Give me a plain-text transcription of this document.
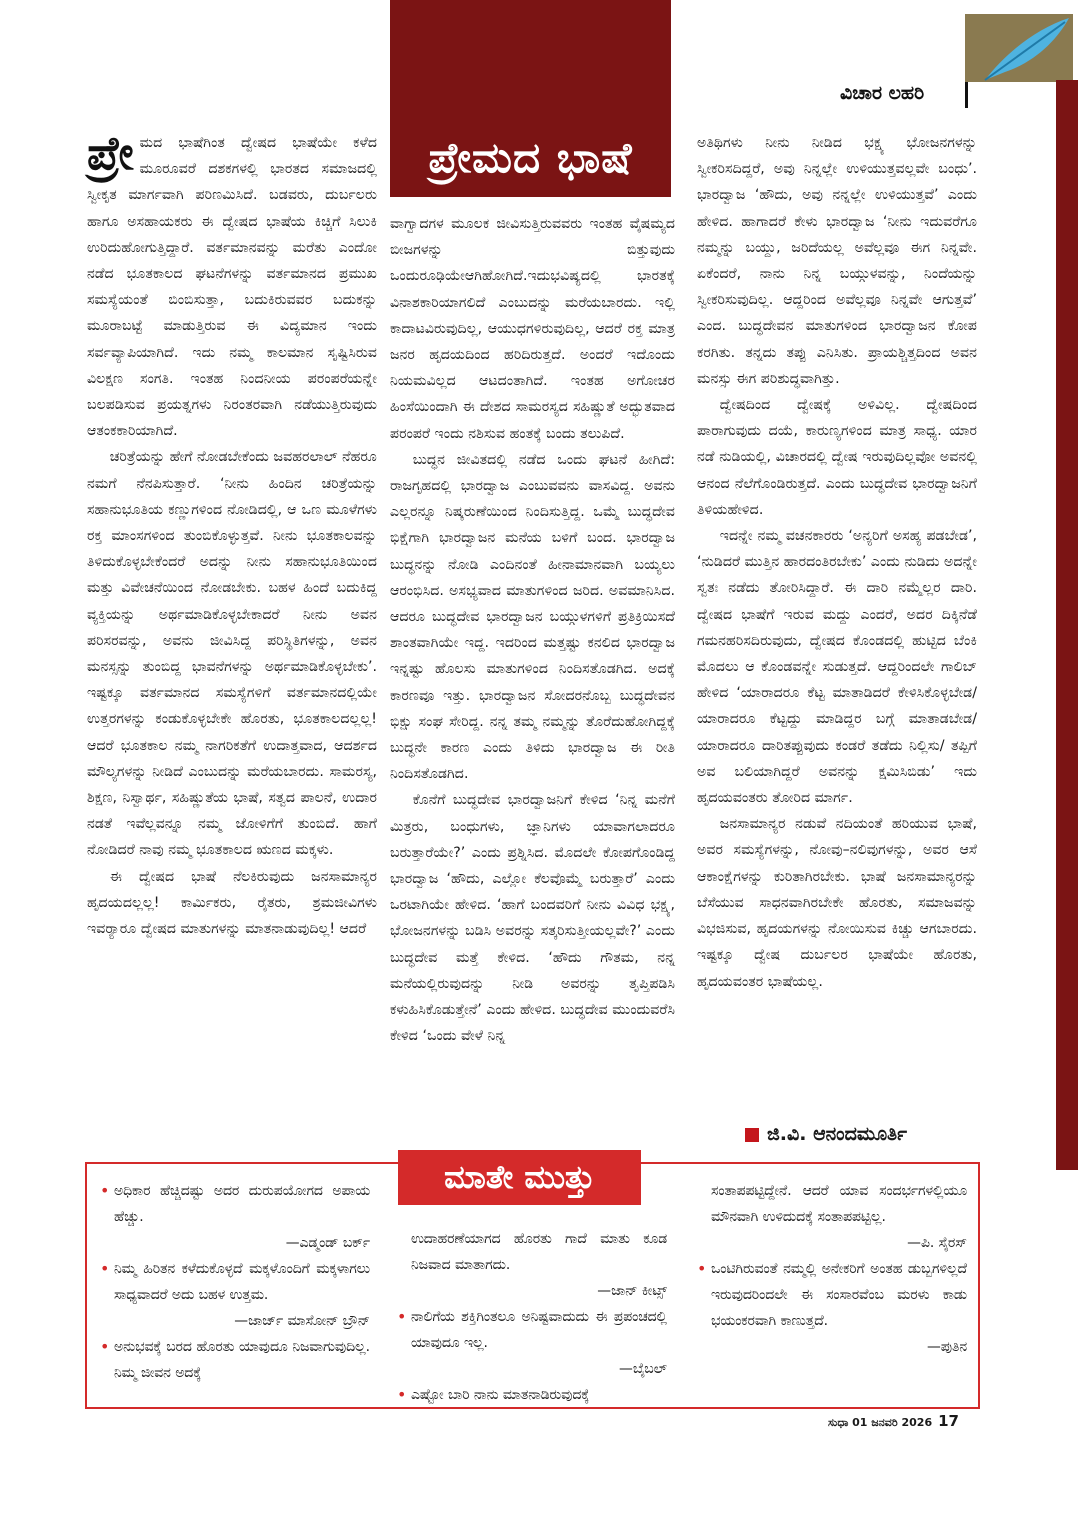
ವಿಚಾರ ಲಹರಿ
ಪ್ರೇಮದ ಭಾಷೆ

ಪ್ರೇ ಮದ ಭಾಷೆಗಿಂತ ದ್ವೇಷದ ಭಾಷೆಯೇ ಕಳೆದ ಮೂರೂವರೆ ದಶಕಗಳಲ್ಲಿ ಭಾರತದ ಸಮಾಜದಲ್ಲಿ ಸ್ವೀಕೃತ ಮಾರ್ಗವಾಗಿ ಪರಿಣಮಿಸಿದೆ. ಬಡವರು, ದುರ್ಬಲರು ಹಾಗೂ ಅಸಹಾಯಕರು ಈ ದ್ವೇಷದ ಭಾಷೆಯ ಕಿಚ್ಚಿಗೆ ಸಿಲುಕಿ ಉರಿದುಹೋಗುತ್ತಿದ್ದಾರೆ. ವರ್ತಮಾನವನ್ನು ಮರೆತು ಎಂದೋ ನಡೆದ ಭೂತಕಾಲದ ಘಟನೆಗಳನ್ನು ವರ್ತಮಾನದ ಪ್ರಮುಖ ಸಮಸ್ಯೆಯಂತೆ ಬಿಂಬಿಸುತ್ತಾ, ಬದುಕಿರುವವರ ಬದುಕನ್ನು ಮೂರಾಬಟ್ಟೆ ಮಾಡುತ್ತಿರುವ ಈ ವಿದ್ಯಮಾನ ಇಂದು ಸರ್ವವ್ಯಾಪಿಯಾಗಿದೆ. ಇದು ನಮ್ಮ ಕಾಲಮಾನ ಸೃಷ್ಟಿಸಿರುವ ವಿಲಕ್ಷಣ ಸಂಗತಿ. ಇಂತಹ ನಿಂದನೀಯ ಪರಂಪರೆಯನ್ನೇ ಬಲಪಡಿಸುವ ಪ್ರಯತ್ನಗಳು ನಿರಂತರವಾಗಿ ನಡೆಯುತ್ತಿರುವುದು ಆತಂಕಕಾರಿಯಾಗಿದೆ.

ಚರಿತ್ರೆಯನ್ನು ಹೇಗೆ ನೋಡಬೇಕೆಂದು ಜವಹರಲಾಲ್ ನೆಹರೂ ನಮಗೆ ನೆನಪಿಸುತ್ತಾರೆ. ‘ನೀನು ಹಿಂದಿನ ಚರಿತ್ರೆಯನ್ನು ಸಹಾನುಭೂತಿಯ ಕಣ್ಣುಗಳಿಂದ ನೋಡಿದಲ್ಲಿ, ಆ ಒಣ ಮೂಳೆಗಳು ರಕ್ತ ಮಾಂಸಗಳಿಂದ ತುಂಬಿಕೊಳ್ಳುತ್ತವೆ. ನೀನು ಭೂತಕಾಲವನ್ನು ತಿಳಿದುಕೊಳ್ಳಬೇಕೆಂದರೆ ಅದನ್ನು ನೀನು ಸಹಾನುಭೂತಿಯಿಂದ ಮತ್ತು ವಿವೇಚನೆಯಿಂದ ನೋಡಬೇಕು. ಬಹಳ ಹಿಂದೆ ಬದುಕಿದ್ದ ವ್ಯಕ್ತಿಯನ್ನು ಅರ್ಥಮಾಡಿಕೊಳ್ಳಬೇಕಾದರೆ ನೀನು ಅವನ ಪರಿಸರವನ್ನು, ಅವನು ಜೀವಿಸಿದ್ದ ಪರಿಸ್ಥಿತಿಗಳನ್ನು, ಅವನ ಮನಸ್ಸನ್ನು ತುಂಬಿದ್ದ ಭಾವನೆಗಳನ್ನು ಅರ್ಥಮಾಡಿಕೊಳ್ಳಬೇಕು’. ಇಷ್ಟಕ್ಕೂ ವರ್ತಮಾನದ ಸಮಸ್ಯೆಗಳಿಗೆ ವರ್ತಮಾನದಲ್ಲಿಯೇ ಉತ್ತರಗಳನ್ನು ಕಂಡುಕೊಳ್ಳಬೇಕೇ ಹೊರತು, ಭೂತಕಾಲದಲ್ಲಲ್ಲ! ಆದರೆ ಭೂತಕಾಲ ನಮ್ಮ ನಾಗರಿಕತೆಗೆ ಉದಾತ್ತವಾದ, ಆದರ್ಶದ ಮೌಲ್ಯಗಳನ್ನು ನೀಡಿದೆ ಎಂಬುದನ್ನು ಮರೆಯಬಾರದು. ಸಾಮರಸ್ಯ, ಶಿಕ್ಷಣ, ನಿಸ್ವಾರ್ಥ, ಸಹಿಷ್ಣುತೆಯ ಭಾಷೆ, ಸತ್ವದ ಪಾಲನೆ, ಉದಾರ ನಡತೆ ಇವೆಲ್ಲವನ್ನೂ ನಮ್ಮ ಜೋಳಿಗೆಗೆ ತುಂಬಿದೆ. ಹಾಗೆ ನೋಡಿದರೆ ನಾವು ನಮ್ಮ ಭೂತಕಾಲದ ಋಣದ ಮಕ್ಕಳು.

ಈ ದ್ವೇಷದ ಭಾಷೆ ನೆಲಕಿರುವುದು ಜನಸಾಮಾನ್ಯರ ಹೃದಯದಲ್ಲಲ್ಲ! ಕಾರ್ಮಿಕರು, ರೈತರು, ಶ್ರಮಜೀವಿಗಳು ಇವರ್‍ಯಾರೂ ದ್ವೇಷದ ಮಾತುಗಳನ್ನು ಮಾತನಾಡುವುದಿಲ್ಲ! ಆದರೆ

ವಾಗ್ವಾದಗಳ ಮೂಲಕ ಜೀವಿಸುತ್ತಿರುವವರು ಇಂತಹ ವೈಷಮ್ಯದ ಬೀಜಗಳನ್ನು ಬಿತ್ತುವುದು ಒಂದುರೂಢಿಯೇಆಗಿಹೋಗಿದೆ.ಇದುಭವಿಷ್ಯದಲ್ಲಿ ಭಾರತಕ್ಕೆ ವಿನಾಶಕಾರಿಯಾಗಲಿದೆ ಎಂಬುದನ್ನು ಮರೆಯಬಾರದು. ಇಲ್ಲಿ ಕಾದಾಟವಿರುವುದಿಲ್ಲ, ಆಯುಧಗಳಿರುವುದಿಲ್ಲ, ಆದರೆ ರಕ್ತ ಮಾತ್ರ ಜನರ ಹೃದಯದಿಂದ ಹರಿದಿರುತ್ತದೆ. ಅಂದರೆ ಇದೊಂದು ನಿಯಮವಿಲ್ಲದ ಆಟದಂತಾಗಿದೆ. ಇಂತಹ ಅಗೋಚರ ಹಿಂಸೆಯಿಂದಾಗಿ ಈ ದೇಶದ ಸಾಮರಸ್ಯದ ಸಹಿಷ್ಣುತೆ ಅದ್ಭುತವಾದ ಪರಂಪರೆ ಇಂದು ನಶಿಸುವ ಹಂತಕ್ಕೆ ಬಂದು ತಲುಪಿದೆ.

ಬುದ್ಧನ ಜೀವಿತದಲ್ಲಿ ನಡೆದ ಒಂದು ಘಟನೆ ಹೀಗಿದೆ: ರಾಜಗೃಹದಲ್ಲಿ ಭಾರದ್ವಾಜ ಎಂಬುವವನು ವಾಸವಿದ್ದ. ಅವನು ಎಲ್ಲರನ್ನೂ ನಿಷ್ಕರುಣೆಯಿಂದ ನಿಂದಿಸುತ್ತಿದ್ದ. ಒಮ್ಮೆ ಬುದ್ಧದೇವ ಭಿಕ್ಷೆಗಾಗಿ ಭಾರದ್ವಾಜನ ಮನೆಯ ಬಳಿಗೆ ಬಂದ. ಭಾರದ್ವಾಜ ಬುದ್ಧನನ್ನು ನೋಡಿ ಎಂದಿನಂತೆ ಹೀನಾಮಾನವಾಗಿ ಬಯ್ಯಲು ಆರಂಭಿಸಿದ. ಅಸಭ್ಯವಾದ ಮಾತುಗಳಿಂದ ಜರಿದ. ಅವಮಾನಿಸಿದ. ಆದರೂ ಬುದ್ಧದೇವ ಭಾರದ್ವಾಜನ ಬಯ್ಗುಳಗಳಿಗೆ ಪ್ರತಿಕ್ರಿಯಿಸದೆ ಶಾಂತವಾಗಿಯೇ ಇದ್ದ. ಇದರಿಂದ ಮತ್ತಷ್ಟು ಕನಲಿದ ಭಾರದ್ವಾಜ ಇನ್ನಷ್ಟು ಹೊಲಸು ಮಾತುಗಳಿಂದ ನಿಂದಿಸತೊಡಗಿದ. ಅದಕ್ಕೆ ಕಾರಣವೂ ಇತ್ತು. ಭಾರದ್ವಾಜನ ಸೋದರನೊಬ್ಬ ಬುದ್ಧದೇವನ ಭಿಕ್ಷು ಸಂಘ ಸೇರಿದ್ದ. ನನ್ನ ತಮ್ಮ ನಮ್ಮನ್ನು ತೊರೆದುಹೋಗಿದ್ದಕ್ಕೆ ಬುದ್ಧನೇ ಕಾರಣ ಎಂದು ತಿಳಿದು ಭಾರದ್ವಾಜ ಈ ರೀತಿ ನಿಂದಿಸತೊಡಗಿದ.

ಕೊನೆಗೆ ಬುದ್ಧದೇವ ಭಾರದ್ವಾಜನಿಗೆ ಕೇಳಿದ ‘ನಿನ್ನ ಮನೆಗೆ ಮಿತ್ರರು, ಬಂಧುಗಳು, ಜ್ಞಾನಿಗಳು ಯಾವಾಗಲಾದರೂ ಬರುತ್ತಾರೆಯೇ?’ ಎಂದು ಪ್ರಶ್ನಿಸಿದ. ಮೊದಲೇ ಕೋಪಗೊಂಡಿದ್ದ ಭಾರದ್ವಾಜ ‘ಹೌದು, ಎಲ್ಲೋ ಕೆಲವೊಮ್ಮೆ ಬರುತ್ತಾರೆ’ ಎಂದು ಒರಟಾಗಿಯೇ ಹೇಳಿದ. ‘ಹಾಗೆ ಬಂದವರಿಗೆ ನೀನು ವಿವಿಧ ಭಕ್ಷ್ಯ, ಭೋಜನಗಳನ್ನು ಬಡಿಸಿ ಅವರನ್ನು ಸತ್ಕರಿಸುತ್ತೀಯಲ್ಲವೇ?’ ಎಂದು ಬುದ್ಧದೇವ ಮತ್ತೆ ಕೇಳಿದ. ‘ಹೌದು ಗೌತಮ, ನನ್ನ ಮನೆಯಲ್ಲಿರುವುದನ್ನು ನೀಡಿ ಅವರನ್ನು ತೃಪ್ತಿಪಡಿಸಿ ಕಳುಹಿಸಿಕೊಡುತ್ತೇನೆ’ ಎಂದು ಹೇಳಿದ. ಬುದ್ಧದೇವ ಮುಂದುವರೆಸಿ ಕೇಳಿದ ‘ಒಂದು ವೇಳೆ ನಿನ್ನ

ಅತಿಥಿಗಳು ನೀನು ನೀಡಿದ ಭಕ್ಷ್ಯ ಭೋಜನಗಳನ್ನು ಸ್ವೀಕರಿಸದಿದ್ದರೆ, ಅವು ನಿನ್ನಲ್ಲೇ ಉಳಿಯುತ್ತವಲ್ಲವೇ ಬಂಧು’. ಭಾರದ್ವಾಜ ‘ಹೌದು, ಅವು ನನ್ನಲ್ಲೇ ಉಳಿಯುತ್ತವೆ’ ಎಂದು ಹೇಳಿದ. ಹಾಗಾದರೆ ಕೇಳು ಭಾರದ್ವಾಜ ‘ನೀನು ಇದುವರೆಗೂ ನಮ್ಮನ್ನು ಬಯ್ದು, ಜರಿದೆಯಲ್ಲ ಅವೆಲ್ಲವೂ ಈಗ ನಿನ್ನವೇ. ಏಕೆಂದರೆ, ನಾನು ನಿನ್ನ ಬಯ್ಗುಳವನ್ನು, ನಿಂದೆಯನ್ನು ಸ್ವೀಕರಿಸುವುದಿಲ್ಲ. ಆದ್ದರಿಂದ ಅವೆಲ್ಲವೂ ನಿನ್ನವೇ ಆಗುತ್ತವೆ’ ಎಂದ. ಬುದ್ಧದೇವನ ಮಾತುಗಳಿಂದ ಭಾರದ್ವಾಜನ ಕೋಪ ಕರಗಿತು. ತನ್ನದು ತಪ್ಪು ಎನಿಸಿತು. ಪ್ರಾಯಶ್ಚಿತ್ತದಿಂದ ಅವನ ಮನಸ್ಸು ಈಗ ಪರಿಶುದ್ಧವಾಗಿತ್ತು.

ದ್ವೇಷದಿಂದ ದ್ವೇಷಕ್ಕೆ ಅಳಿವಿಲ್ಲ. ದ್ವೇಷದಿಂದ ಪಾರಾಗುವುದು ದಯೆ, ಕಾರುಣ್ಯಗಳಿಂದ ಮಾತ್ರ ಸಾಧ್ಯ. ಯಾರ ನಡೆ ನುಡಿಯಲ್ಲಿ, ವಿಚಾರದಲ್ಲಿ ದ್ವೇಷ ಇರುವುದಿಲ್ಲವೋ ಅವನಲ್ಲಿ ಆನಂದ ನೆಲೆಗೊಂಡಿರುತ್ತದೆ. ಎಂದು ಬುದ್ಧದೇವ ಭಾರದ್ವಾಜನಿಗೆ ತಿಳಿಯಹೇಳಿದ.

ಇದನ್ನೇ ನಮ್ಮ ವಚನಕಾರರು ‘ಅನ್ಯರಿಗೆ ಅಸಹ್ಯ ಪಡಬೇಡ’, ‘ನುಡಿದರೆ ಮುತ್ತಿನ ಹಾರದಂತಿರಬೇಕು’ ಎಂದು ನುಡಿದು ಅದನ್ನೇ ಸ್ವತಃ ನಡೆದು ತೋರಿಸಿದ್ದಾರೆ. ಈ ದಾರಿ ನಮ್ಮೆಲ್ಲರ ದಾರಿ. ದ್ವೇಷದ ಭಾಷೆಗೆ ಇರುವ ಮದ್ದು ಎಂದರೆ, ಅದರ ದಿಕ್ಕಿನೆಡೆ ಗಮನಹರಿಸದಿರುವುದು, ದ್ವೇಷದ ಕೊಂಡದಲ್ಲಿ ಹುಟ್ಟಿದ ಬೆಂಕಿ ಮೊದಲು ಆ ಕೊಂಡವನ್ನೇ ಸುಡುತ್ತದೆ. ಆದ್ದರಿಂದಲೇ ಗಾಲಿಬ್ ಹೇಳಿದ ‘ಯಾರಾದರೂ ಕೆಟ್ಟ ಮಾತಾಡಿದರೆ ಕೇಳಿಸಿಕೊಳ್ಳಬೇಡ/ ಯಾರಾದರೂ ಕೆಟ್ಟದ್ದು ಮಾಡಿದ್ದರ ಬಗ್ಗೆ ಮಾತಾಡಬೇಡ/ ಯಾರಾದರೂ ದಾರಿತಪ್ಪುವುದು ಕಂಡರೆ ತಡೆದು ನಿಲ್ಲಿಸು/ ತಪ್ಪಿಗೆ ಅವ ಬಲಿಯಾಗಿದ್ದರೆ ಅವನನ್ನು ಕ್ಷಮಿಸಿಬಿಡು’ ಇದು ಹೃದಯವಂತರು ತೋರಿದ ಮಾರ್ಗ.

ಜನಸಾಮಾನ್ಯರ ನಡುವೆ ನದಿಯಂತೆ ಹರಿಯುವ ಭಾಷೆ, ಅವರ ಸಮಸ್ಯೆಗಳನ್ನು, ನೋವು–ನಲಿವುಗಳನ್ನು, ಅವರ ಆಸೆ ಆಕಾಂಕ್ಷೆಗಳನ್ನು ಕುರಿತಾಗಿರಬೇಕು. ಭಾಷೆ ಜನಸಾಮಾನ್ಯರನ್ನು ಬೆಸೆಯುವ ಸಾಧನವಾಗಿರಬೇಕೇ ಹೊರತು, ಸಮಾಜವನ್ನು ವಿಭಜಿಸುವ, ಹೃದಯಗಳನ್ನು ನೋಯಿಸುವ ಕಿಚ್ಚು ಆಗಬಾರದು. ಇಷ್ಟಕ್ಕೂ ದ್ವೇಷ ದುರ್ಬಲರ ಭಾಷೆಯೇ ಹೊರತು, ಹೃದಯವಂತರ ಭಾಷೆಯಲ್ಲ.

ಜಿ.ವಿ. ಆನಂದಮೂರ್ತಿ
ಮಾತೇ ಮುತ್ತು
• ಅಧಿಕಾರ ಹೆಚ್ಚಿದಷ್ಟು ಅದರ ದುರುಪಯೋಗದ ಅಪಾಯ ಹೆಚ್ಚು.
—ಎಡ್ಮಂಡ್ ಬರ್ಕ್
• ನಿಮ್ಮ ಹಿರಿತನ ಕಳೆದುಕೊಳ್ಳದೆ ಮಕ್ಕಳೊಂದಿಗೆ ಮಕ್ಕಳಾಗಲು ಸಾಧ್ಯವಾದರೆ ಅದು ಬಹಳ ಉತ್ತಮ.
—ಜಾರ್ಜ್ ಮಾಸೋನ್ ಬ್ರೌನ್
• ಅನುಭವಕ್ಕೆ ಬರದ ಹೊರತು ಯಾವುದೂ ನಿಜವಾಗುವುದಿಲ್ಲ. ನಿಮ್ಮ ಜೀವನ ಅದಕ್ಕೆ
ಉದಾಹರಣೆಯಾಗದ ಹೊರತು ಗಾದೆ ಮಾತು ಕೂಡ ನಿಜವಾದ ಮಾತಾಗದು.
—ಜಾನ್ ಕೀಟ್ಸ್
• ನಾಲಿಗೆಯ ಶಕ್ತಿಗಿಂತಲೂ ಅನಿಷ್ಟವಾದುದು ಈ ಪ್ರಪಂಚದಲ್ಲಿ ಯಾವುದೂ ಇಲ್ಲ.
—ಬೈಬಲ್
• ಎಷ್ಟೋ ಬಾರಿ ನಾನು ಮಾತನಾಡಿರುವುದಕ್ಕೆ
ಸಂತಾಪಪಟ್ಟಿದ್ದೇನೆ. ಆದರೆ ಯಾವ ಸಂದರ್ಭಗಳಲ್ಲಿಯೂ ಮೌನವಾಗಿ ಉಳಿದುದಕ್ಕೆ ಸಂತಾಪಪಟ್ಟಿಲ್ಲ.
—ಪಿ. ಸೈರಸ್
• ಒಂಟಿಗಿರುವಂತೆ ನಮ್ಮಲ್ಲಿ ಅನೇಕರಿಗೆ ಅಂತಹ ಡುಬ್ಬಗಳಿಲ್ಲದೆ ಇರುವುದರಿಂದಲೇ ಈ ಸಂಸಾರವೆಂಬ ಮರಳು ಕಾಡು ಭಯಂಕರವಾಗಿ ಕಾಣುತ್ತದೆ.
—ಪುತಿನ
ಸುಧಾ 01 ಜನವರಿ 2026 17
